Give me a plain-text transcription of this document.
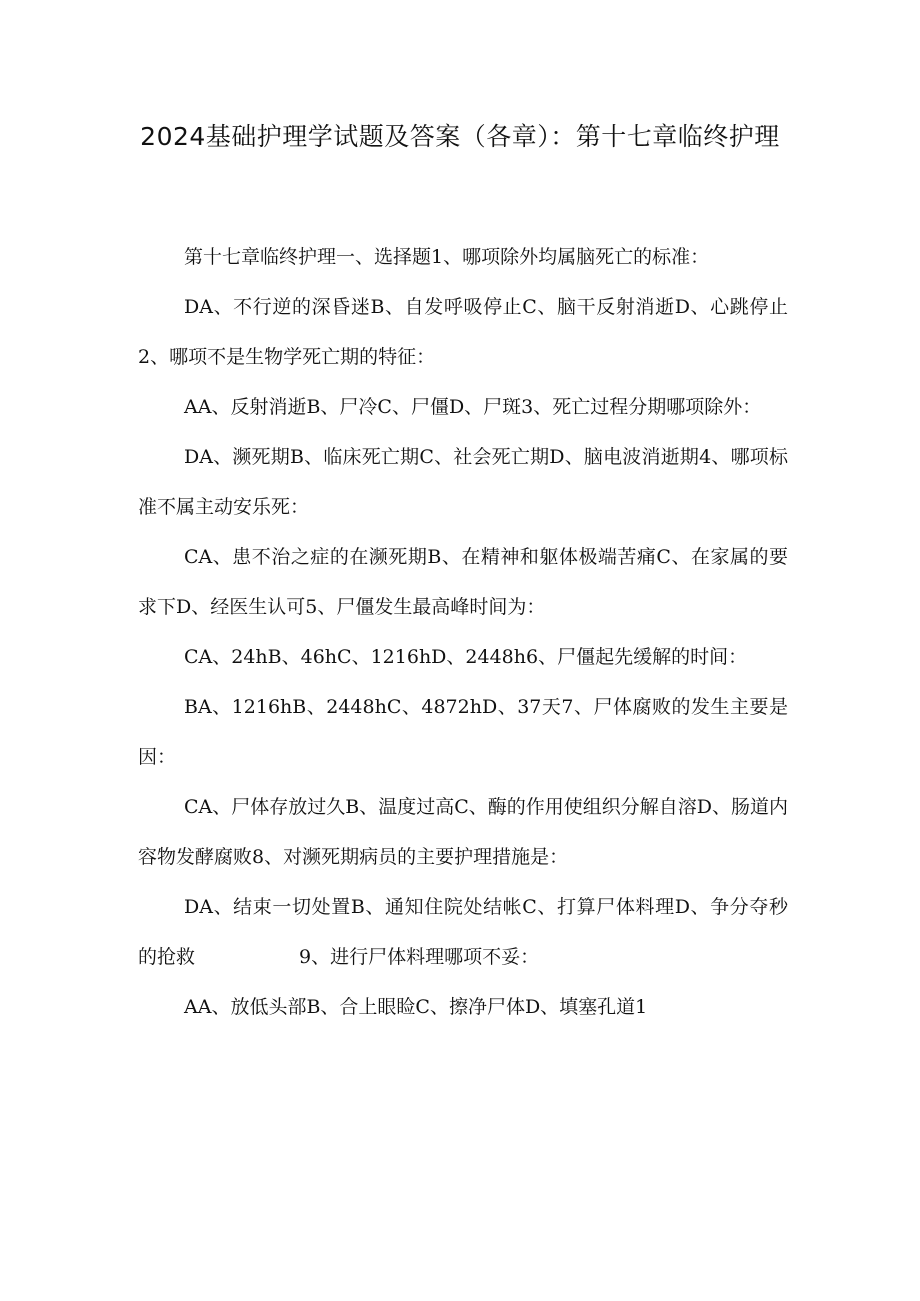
2024基础护理学试题及答案（各章）：第十七章临终护理

第十七章临终护理一、选择题1、哪项除外均属脑死亡的标准：

DA、不行逆的深昏迷B、自发呼吸停止C、脑干反射消逝D、心跳停止2、哪项不是生物学死亡期的特征：

AA、反射消逝B、尸冷C、尸僵D、尸斑3、死亡过程分期哪项除外：

DA、濒死期B、临床死亡期C、社会死亡期D、脑电波消逝期4、哪项标准不属主动安乐死：

CA、患不治之症的在濒死期B、在精神和躯体极端苦痛C、在家属的要求下D、经医生认可5、尸僵发生最高峰时间为：

CA、24hB、46hC、1216hD、2448h6、尸僵起先缓解的时间：

BA、1216hB、2448hC、4872hD、37天7、尸体腐败的发生主要是因：

CA、尸体存放过久B、温度过高C、酶的作用使组织分解自溶D、肠道内容物发酵腐败8、对濒死期病员的主要护理措施是：

DA、结束一切处置B、通知住院处结帐C、打算尸体料理D、争分夺秒的抢救	9、进行尸体料理哪项不妥：

AA、放低头部B、合上眼睑C、擦净尸体D、填塞孔道1
